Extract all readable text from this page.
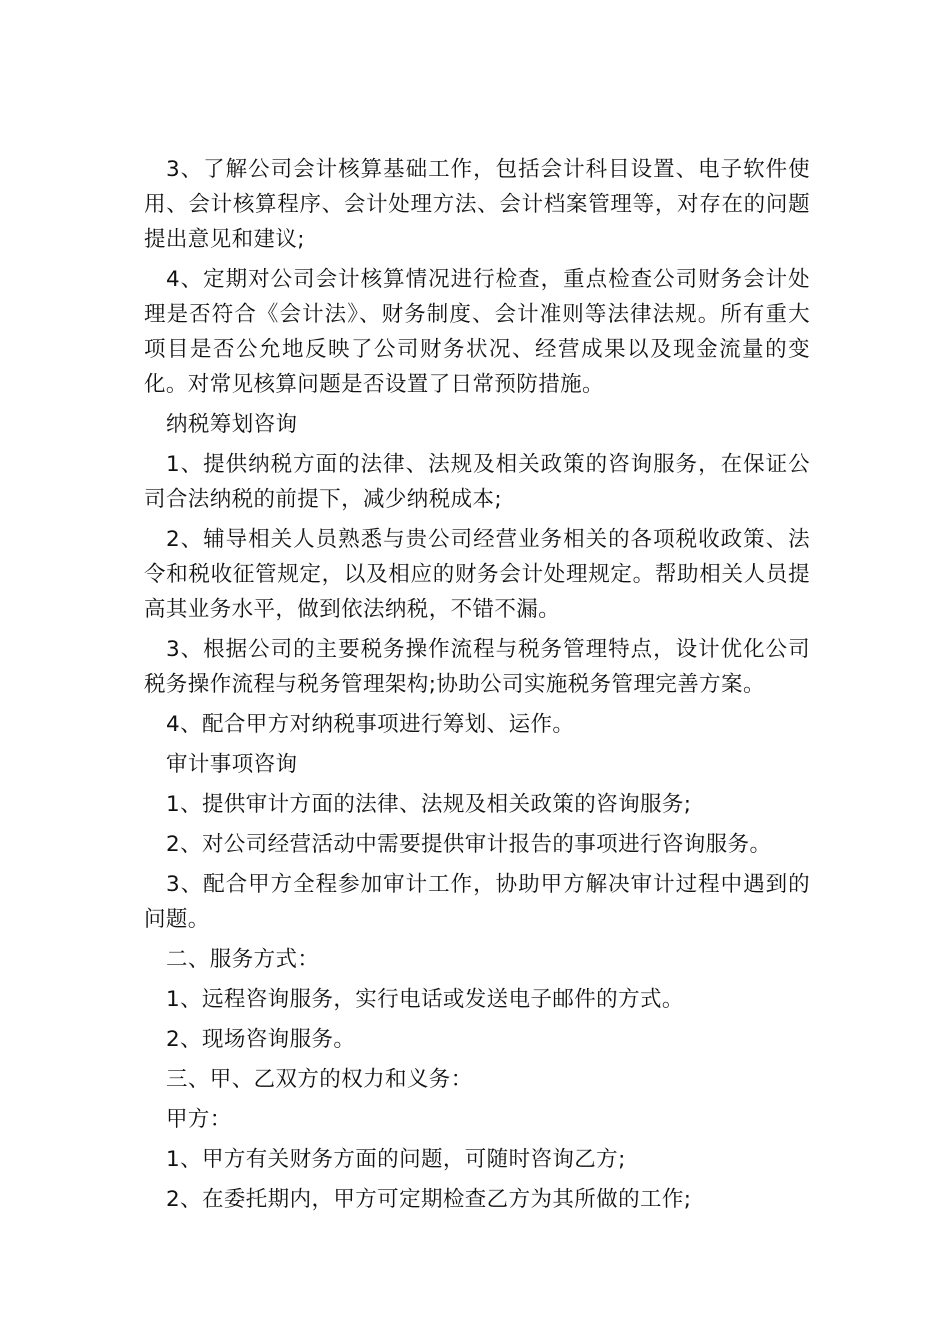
3、了解公司会计核算基础工作，包括会计科目设置、电子软件使用、会计核算程序、会计处理方法、会计档案管理等，对存在的问题提出意见和建议;

4、定期对公司会计核算情况进行检查，重点检查公司财务会计处理是否符合《会计法》、财务制度、会计准则等法律法规。所有重大项目是否公允地反映了公司财务状况、经营成果以及现金流量的变化。对常见核算问题是否设置了日常预防措施。

纳税筹划咨询

1、提供纳税方面的法律、法规及相关政策的咨询服务，在保证公司合法纳税的前提下，减少纳税成本;

2、辅导相关人员熟悉与贵公司经营业务相关的各项税收政策、法令和税收征管规定，以及相应的财务会计处理规定。帮助相关人员提高其业务水平，做到依法纳税，不错不漏。

3、根据公司的主要税务操作流程与税务管理特点，设计优化公司税务操作流程与税务管理架构;协助公司实施税务管理完善方案。

4、配合甲方对纳税事项进行筹划、运作。

审计事项咨询

1、提供审计方面的法律、法规及相关政策的咨询服务;

2、对公司经营活动中需要提供审计报告的事项进行咨询服务。

3、配合甲方全程参加审计工作，协助甲方解决审计过程中遇到的问题。

二、服务方式：

1、远程咨询服务，实行电话或发送电子邮件的方式。

2、现场咨询服务。

三、甲、乙双方的权力和义务：

甲方：

1、甲方有关财务方面的问题，可随时咨询乙方;

2、在委托期内，甲方可定期检查乙方为其所做的工作;
